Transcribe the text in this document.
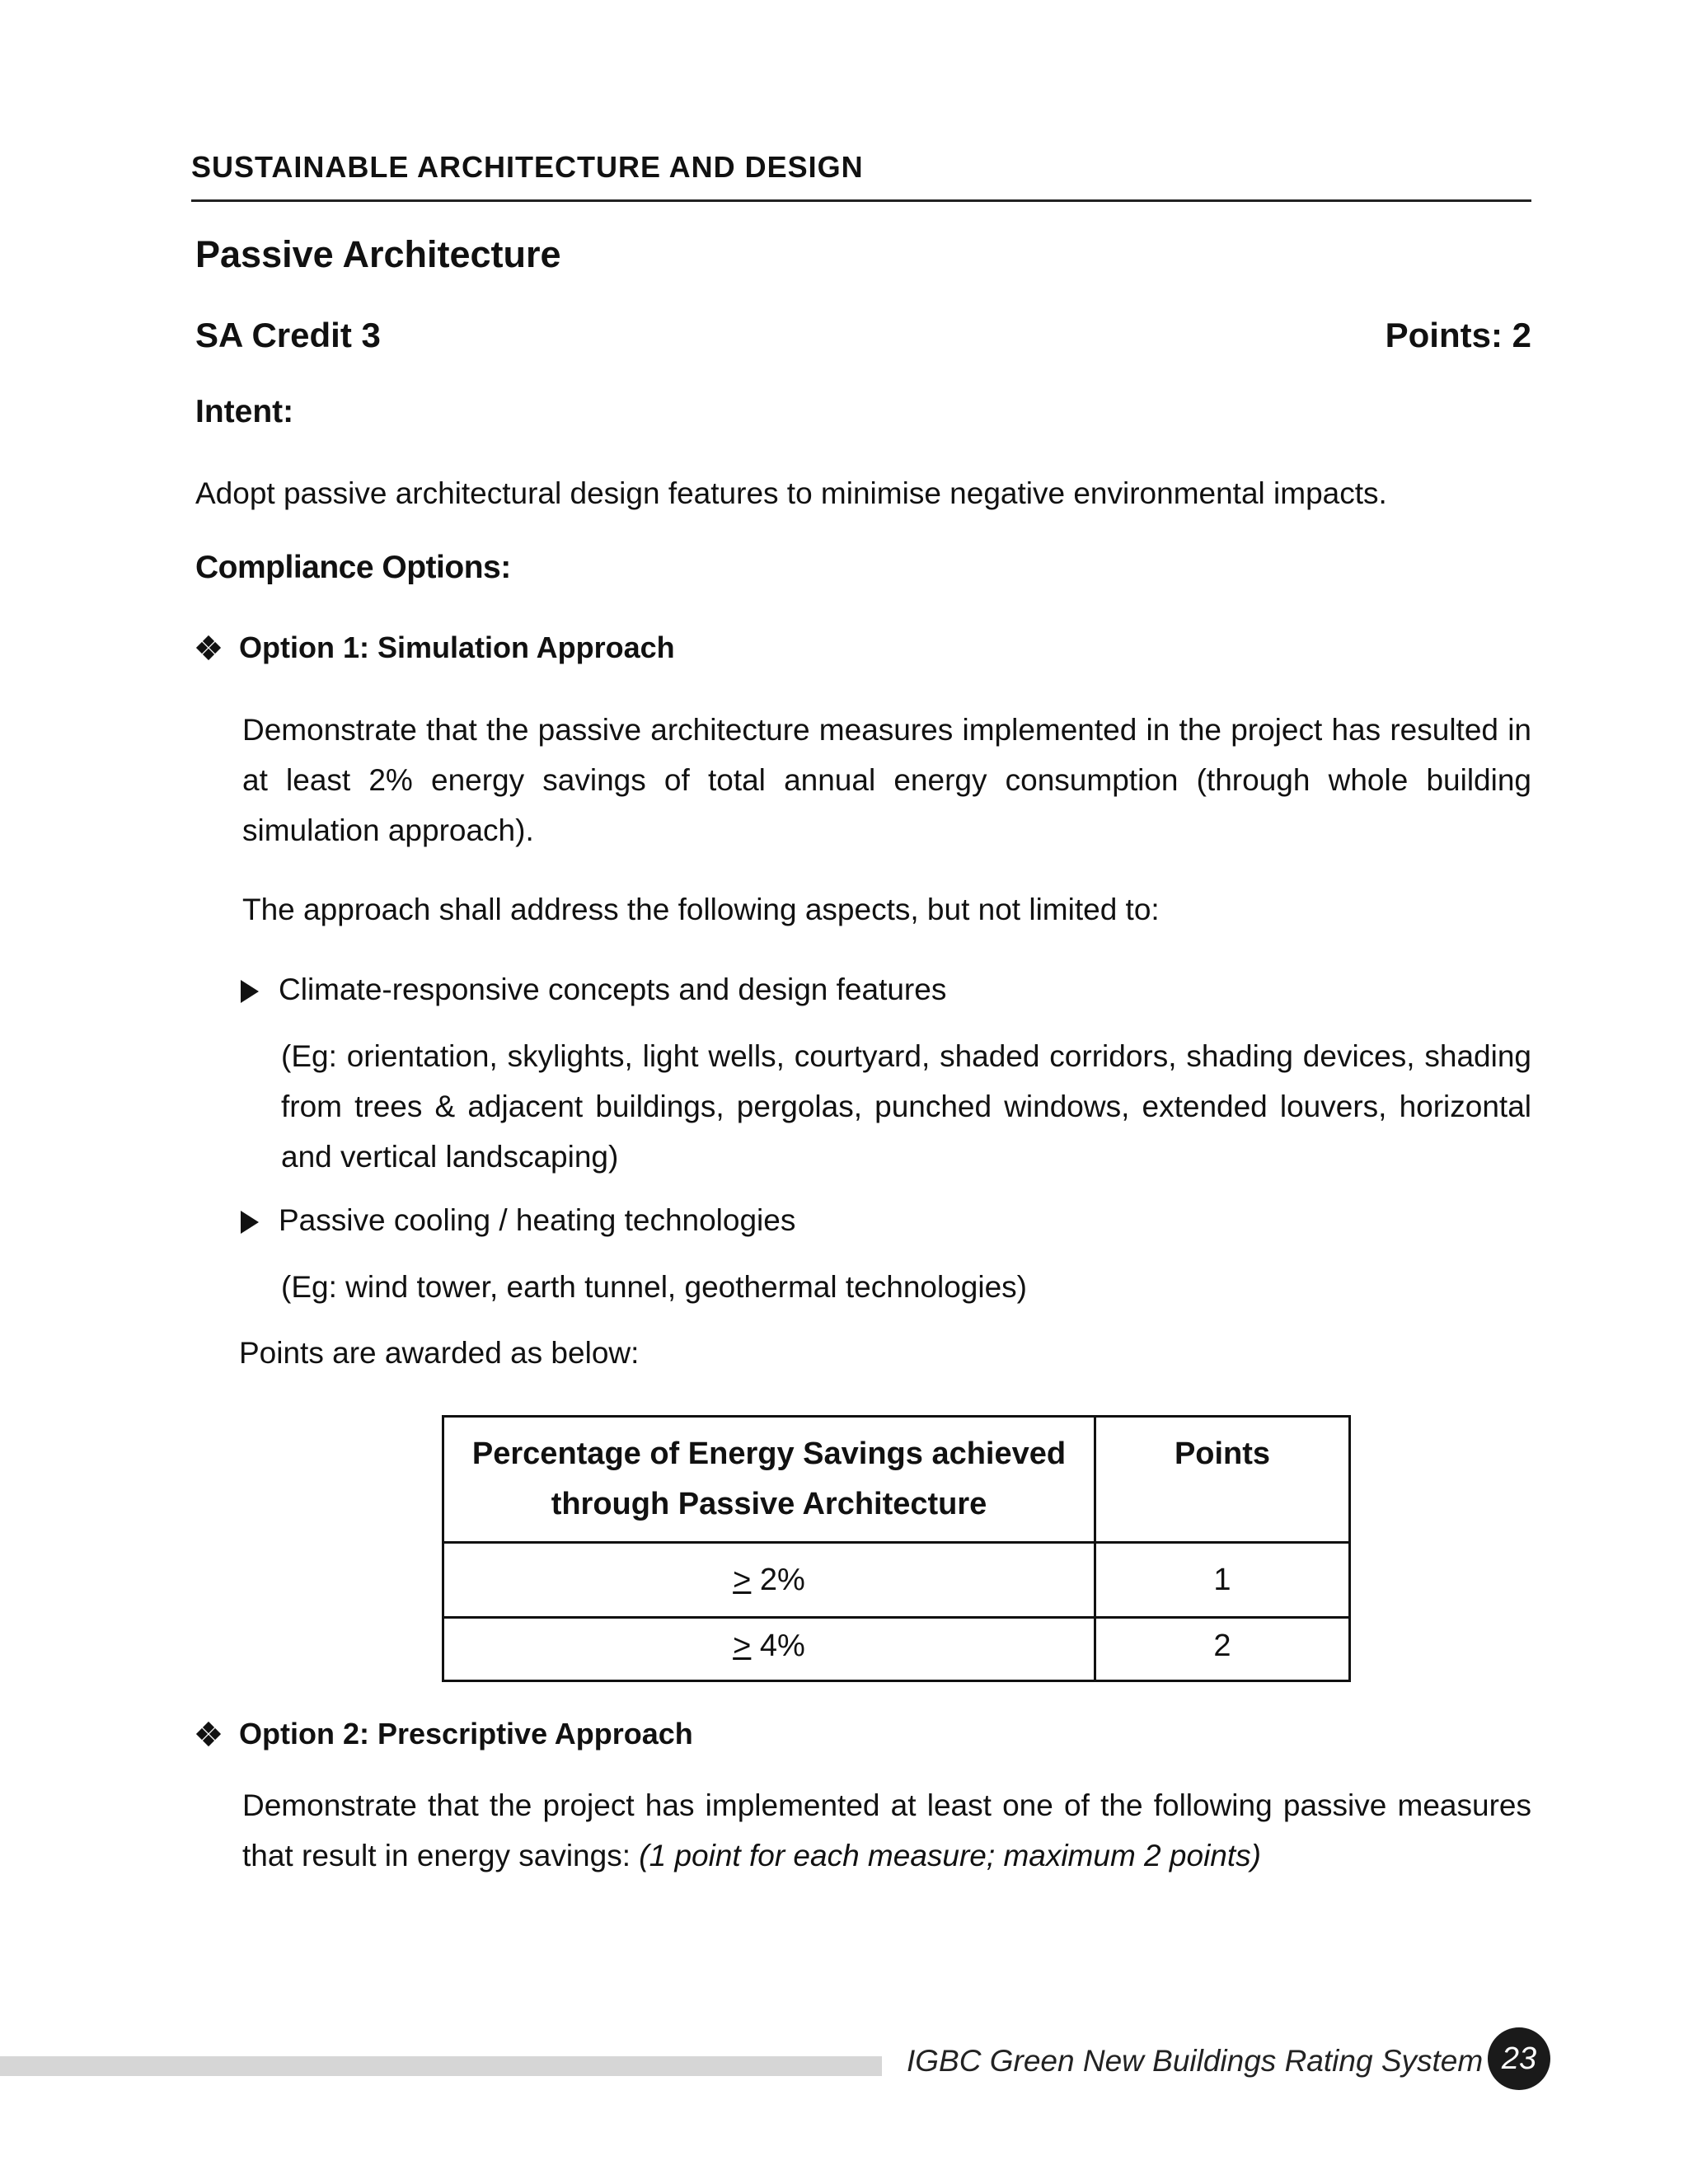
SUSTAINABLE ARCHITECTURE AND DESIGN
Passive Architecture
SA Credit 3	Points: 2
Intent:
Adopt passive architectural design features to minimise negative environmental impacts.
Compliance Options:
Option 1: Simulation Approach
Demonstrate that the passive architecture measures implemented in the project has resulted in at least 2% energy savings of total annual energy consumption (through whole building simulation approach).
The approach shall address the following aspects, but not limited to:
Climate-responsive concepts and design features
(Eg: orientation, skylights, light wells, courtyard, shaded corridors, shading devices, shading from trees & adjacent buildings, pergolas, punched windows, extended louvers, horizontal and vertical landscaping)
Passive cooling / heating technologies
(Eg: wind tower, earth tunnel, geothermal technologies)
Points are awarded as below:
Percentage of Energy Savings achieved through Passive Architecture	Points
≥ 2%	1
≥ 4%	2
Option 2: Prescriptive Approach
Demonstrate that the project has implemented at least one of the following passive measures that result in energy savings: (1 point for each measure; maximum 2 points)
IGBC Green New Buildings Rating System 23
